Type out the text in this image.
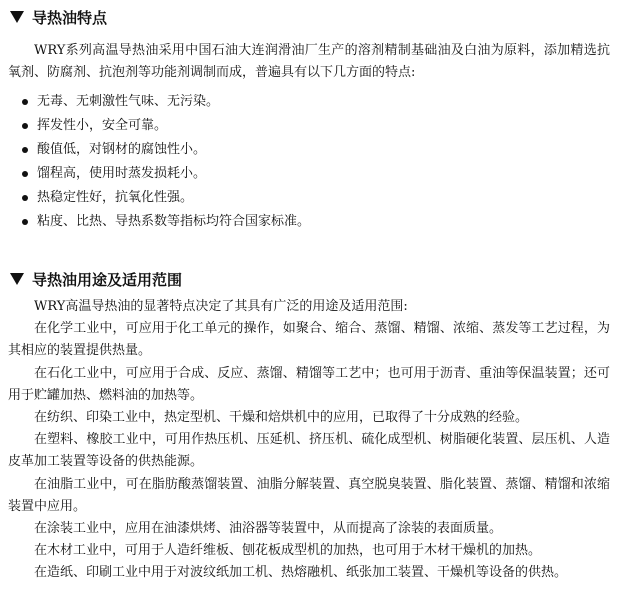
导热油特点

WRY系列高温导热油采用中国石油大连润滑油厂生产的溶剂精制基础油及白油为原料，添加精选抗氧剂、防腐剂、抗泡剂等功能剂调制而成，普遍具有以下几方面的特点:

无毒、无刺激性气味、无污染。
挥发性小，安全可靠。
酸值低，对钢材的腐蚀性小。
馏程高，使用时蒸发损耗小。
热稳定性好，抗氧化性强。
粘度、比热、导热系数等指标均符合国家标准。
导热油用途及适用范围

WRY高温导热油的显著特点决定了其具有广泛的用途及适用范围:

在化学工业中，可应用于化工单元的操作，如聚合、缩合、蒸馏、精馏、浓缩、蒸发等工艺过程，为其相应的装置提供热量。

在石化工业中，可应用于合成、反应、蒸馏、精馏等工艺中；也可用于沥青、重油等保温装置；还可用于贮罐加热、燃料油的加热等。

在纺织、印染工业中，热定型机、干燥和焙烘机中的应用，已取得了十分成熟的经验。

在塑料、橡胶工业中，可用作热压机、压延机、挤压机、硫化成型机、树脂硬化装置、层压机、人造皮革加工装置等设备的供热能源。

在油脂工业中，可在脂肪酸蒸馏装置、油脂分解装置、真空脱臭装置、脂化装置、蒸馏、精馏和浓缩装置中应用。

在涂装工业中，应用在油漆烘烤、油浴器等装置中，从而提高了涂装的表面质量。

在木材工业中，可用于人造纤维板、刨花板成型机的加热，也可用于木材干燥机的加热。

在造纸、印刷工业中用于对波纹纸加工机、热熔融机、纸张加工装置、干燥机等设备的供热。
